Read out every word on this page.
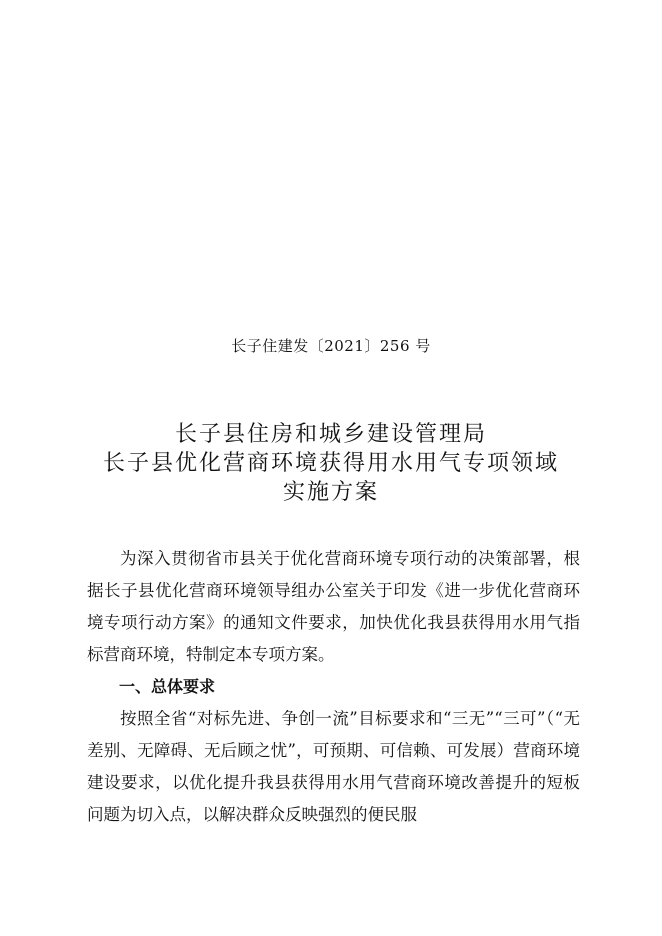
长子住建发〔2021〕256 号
长子县住房和城乡建设管理局
长子县优化营商环境获得用水用气专项领域
实施方案

为深入贯彻省市县关于优化营商环境专项行动的决策部署，根据长子县优化营商环境领导组办公室关于印发《进一步优化营商环境专项行动方案》的通知文件要求，加快优化我县获得用水用气指标营商环境，特制定本专项方案。

一、总体要求

按照全省“对标先进、争创一流”目标要求和“三无”“三可”（“无差别、无障碍、无后顾之忧”，可预期、可信赖、可发展）营商环境建设要求，以优化提升我县获得用水用气营商环境改善提升的短板问题为切入点，以解决群众反映强烈的便民服
